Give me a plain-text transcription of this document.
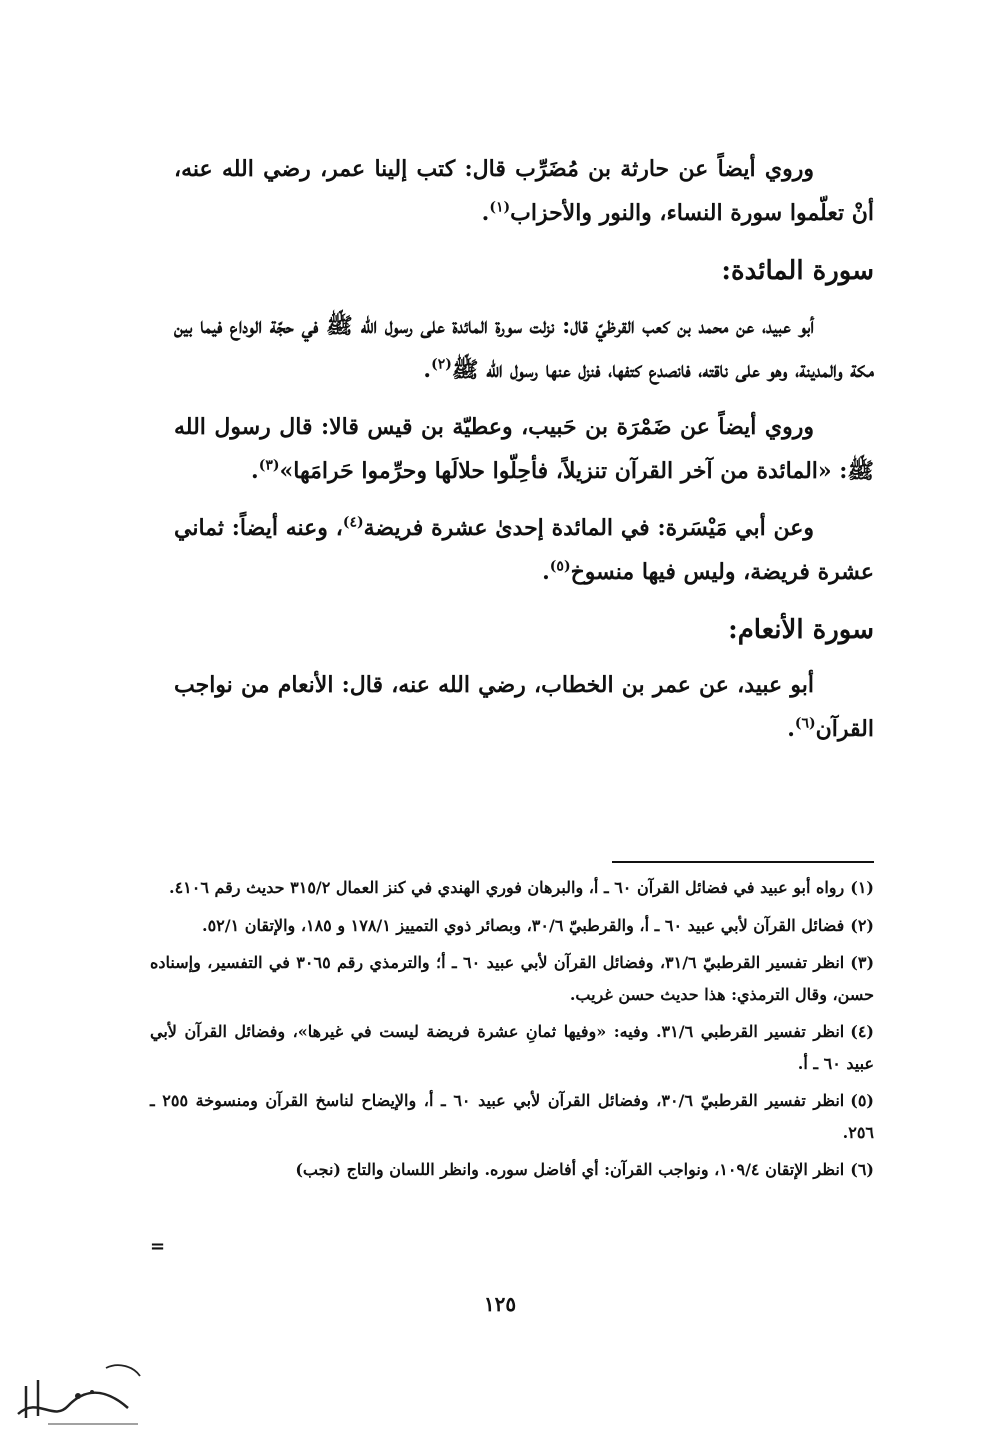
وروي أيضاً عن حارثة بن مُضَرِّب قال: كتب إلينا عمر، رضي الله عنه، أنْ تعلّموا سورة النساء، والنور والأحزاب$^{(١)}$.

سورة المائدة:

أبو عبيد، عن محمد بن كعب القرظيّ قال: نزلت سورة المائدة على رسول الله ﷺ في حجّة الوداع فيما بين مكة والمدينة، وهو على ناقته، فانصدع كتفها، فنزل عنها رسول الله ﷺ$^{(٢)}$.

وروي أيضاً عن ضَمْرَة بن حَبيب، وعطيّة بن قيس قالا: قال رسول الله ﷺ: «المائدة من آخر القرآن تنزيلاً، فأحِلّوا حلالَها وحرِّموا حَرامَها»$^{(٣)}$.

وعن أبي مَيْسَرة: في المائدة إحدىٰ عشرة فريضة$^{(٤)}$، وعنه أيضاً: ثماني عشرة فريضة، وليس فيها منسوخ$^{(٥)}$.

سورة الأنعام:

أبو عبيد، عن عمر بن الخطاب، رضي الله عنه، قال: الأنعام من نواجب القرآن$^{(٦)}$.

(١)رواه أبو عبيد في فضائل القرآن ٦٠ ـ أ، والبرهان فوري الهندي في كنز العمال ٣١٥/٢ حديث رقم ٤١٠٦.

(٢)فضائل القرآن لأبي عبيد ٦٠ ـ أ، والقرطبيّ ٣٠/٦، وبصائر ذوي التمييز ١٧٨/١ و ١٨٥، والإتقان ٥٢/١.

(٣)انظر تفسير القرطبيّ ٣١/٦، وفضائل القرآن لأبي عبيد ٦٠ ـ أ؛ والترمذي رقم ٣٠٦٥ في التفسير، وإسناده حسن، وقال الترمذي: هذا حديث حسن غريب.

(٤)انظر تفسير القرطبي ٣١/٦. وفيه: «وفيها ثمانِ عشرة فريضة ليست في غيرها»، وفضائل القرآن لأبي عبيد ٦٠ ـ أ.

(٥)انظر تفسير القرطبيّ ٣٠/٦، وفضائل القرآن لأبي عبيد ٦٠ ـ أ، والإيضاح لناسخ القرآن ومنسوخة ٢٥٥ ـ ٢٥٦.

(٦)انظر الإتقان ١٠٩/٤، ونواجب القرآن: أي أفاضل سوره. وانظر اللسان والتاج (نجب)

=
١٢٥
